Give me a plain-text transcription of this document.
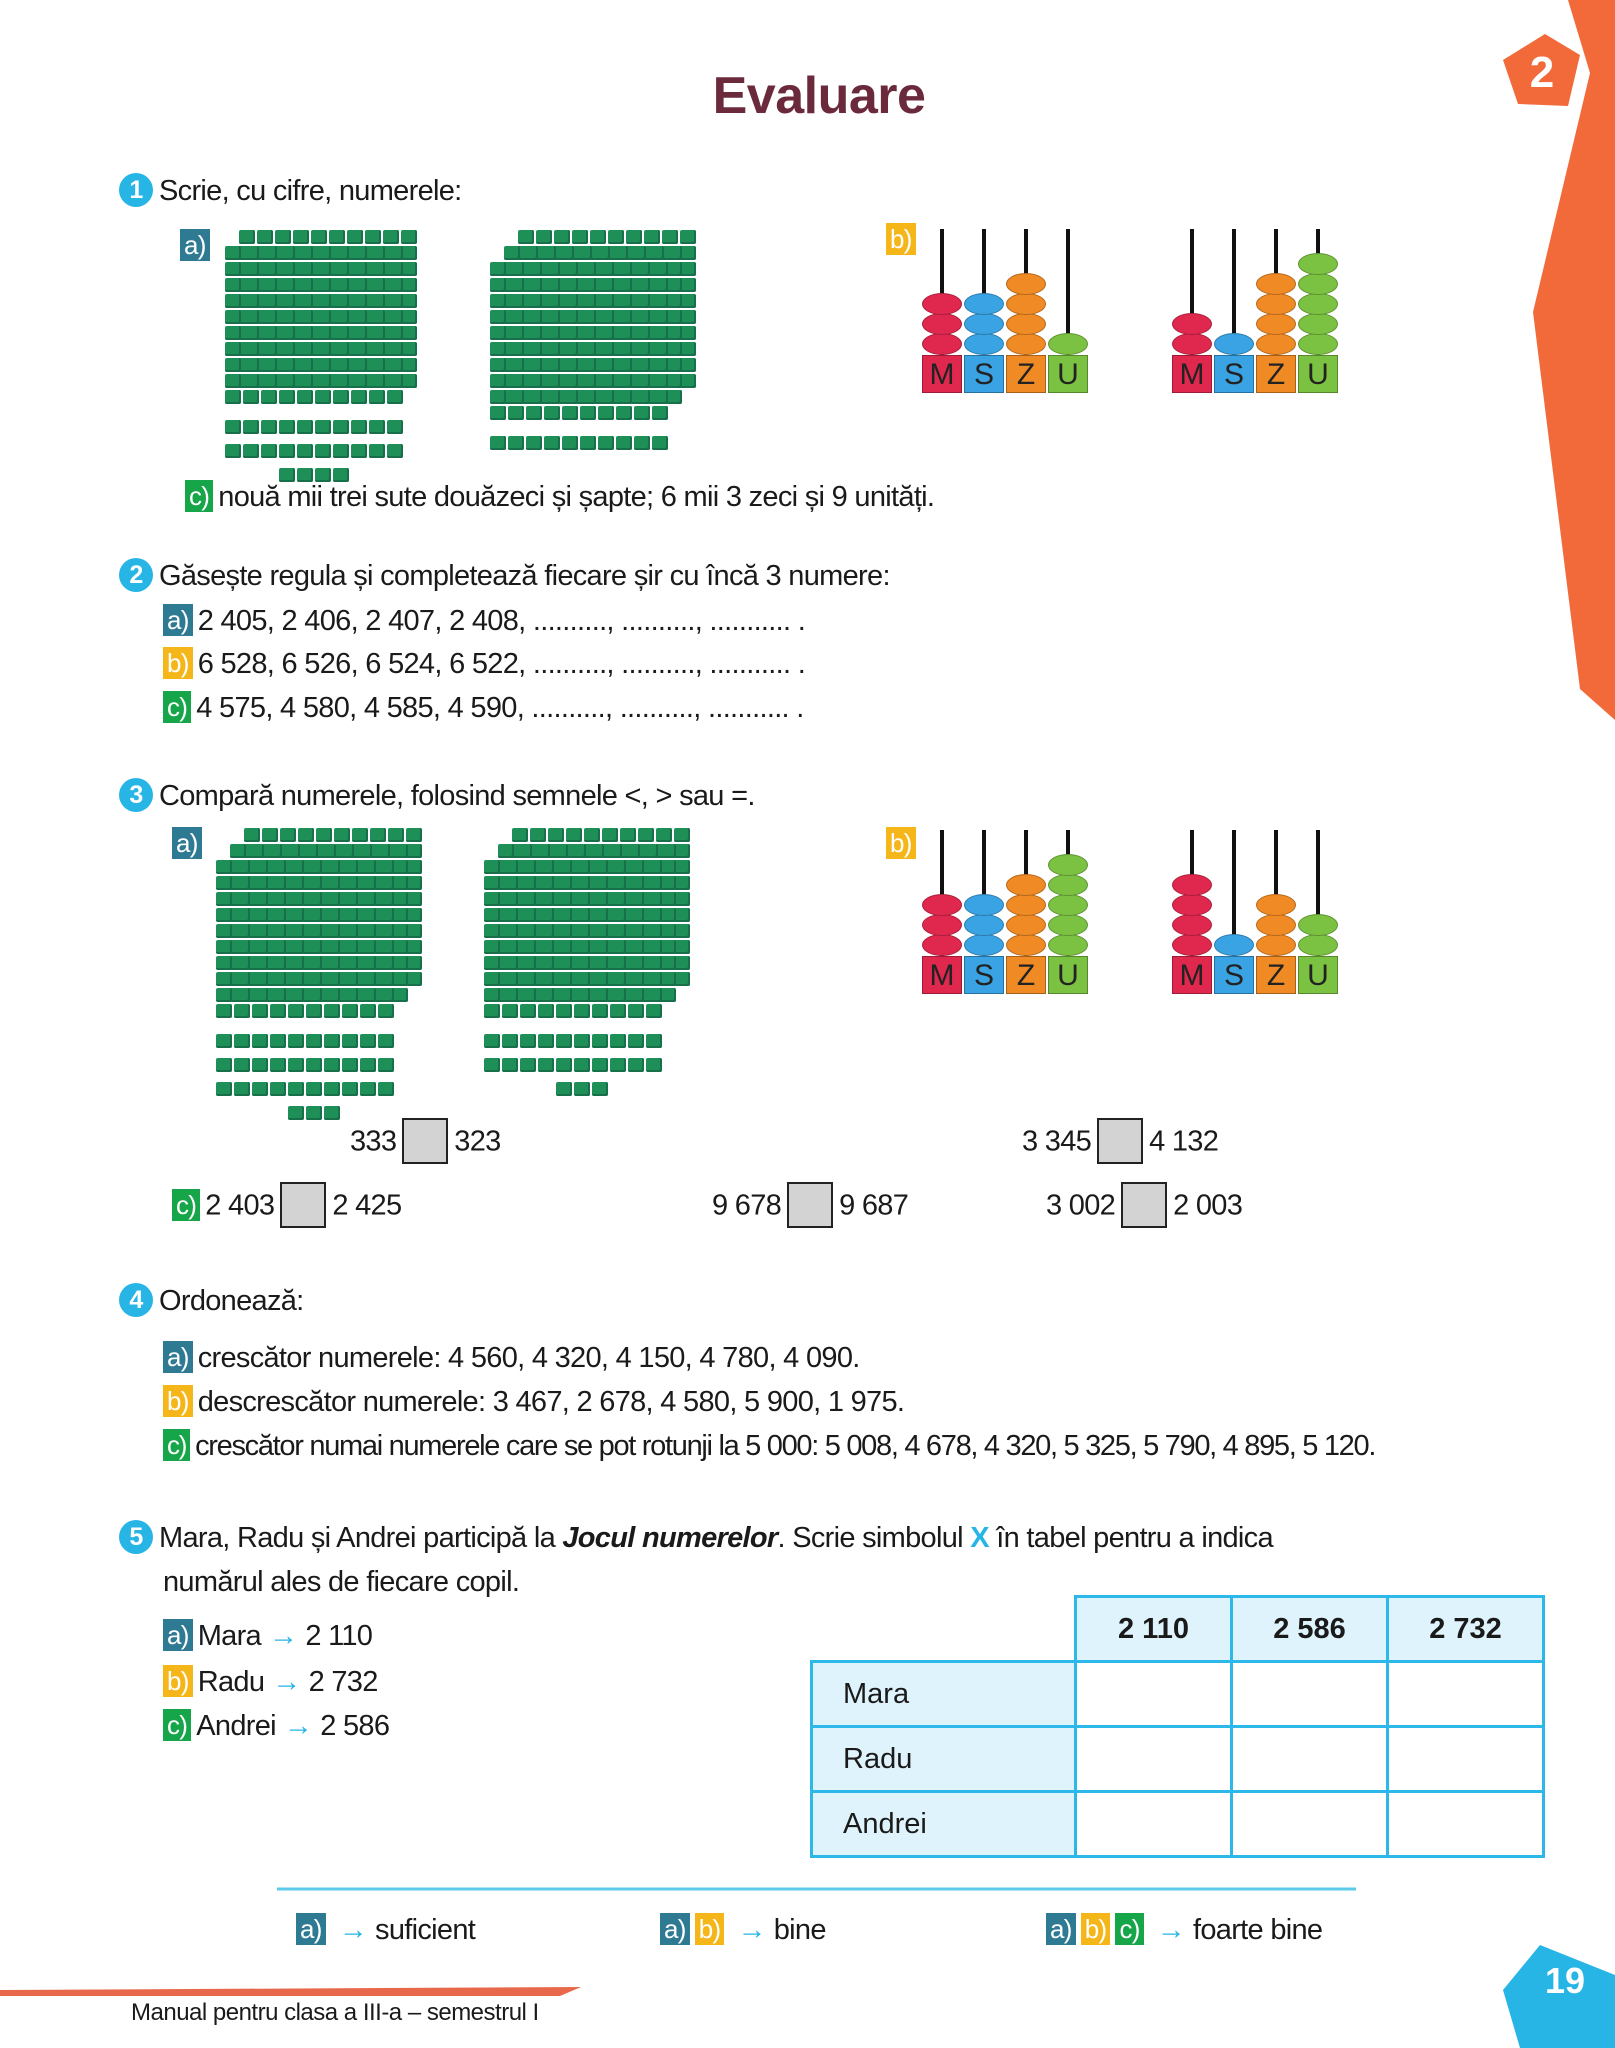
2
19
Evaluare
1 Scrie, cu cifre, numerele:
a)	b)
M S Z U	M S Z U
c) nouă mii trei sute douăzeci și șapte; 6 mii 3 zeci și 9 unități.
2 Găsește regula și completează fiecare șir cu încă 3 numere:
a) 2 405, 2 406, 2 407, 2 408, .........., .........., ........... .
b) 6 528, 6 526, 6 524, 6 522, .........., .........., ........... .
c) 4 575, 4 580, 4 585, 4 590, .........., .........., ........... .
3 Compară numerele, folosind semnele <, > sau =.
a)	b)
M S Z U	M S Z U
333 323	3 345 4 132
c) 2 403 2 425	9 678 9 687	3 002 2 003
4 Ordonează:
a) crescător numerele: 4 560, 4 320, 4 150, 4 780, 4 090.
b) descrescător numerele: 3 467, 2 678, 4 580, 5 900, 1 975.
c) crescător numai numerele care se pot rotunji la 5 000: 5 008, 4 678, 4 320, 5 325, 5 790, 4 895, 5 120.
5 Mara, Radu și Andrei participă la Jocul numerelor. Scrie simbolul X în tabel pentru a indica
numărul ales de fiecare copil.
a) Mara → 2 110
b) Radu → 2 732
c) Andrei → 2 586
	2 110	2 586	2 732
Mara			
Radu			
Andrei			
a) → suficient	a) b) → bine	a) b) c) → foarte bine
Manual pentru clasa a III-a – semestrul I
